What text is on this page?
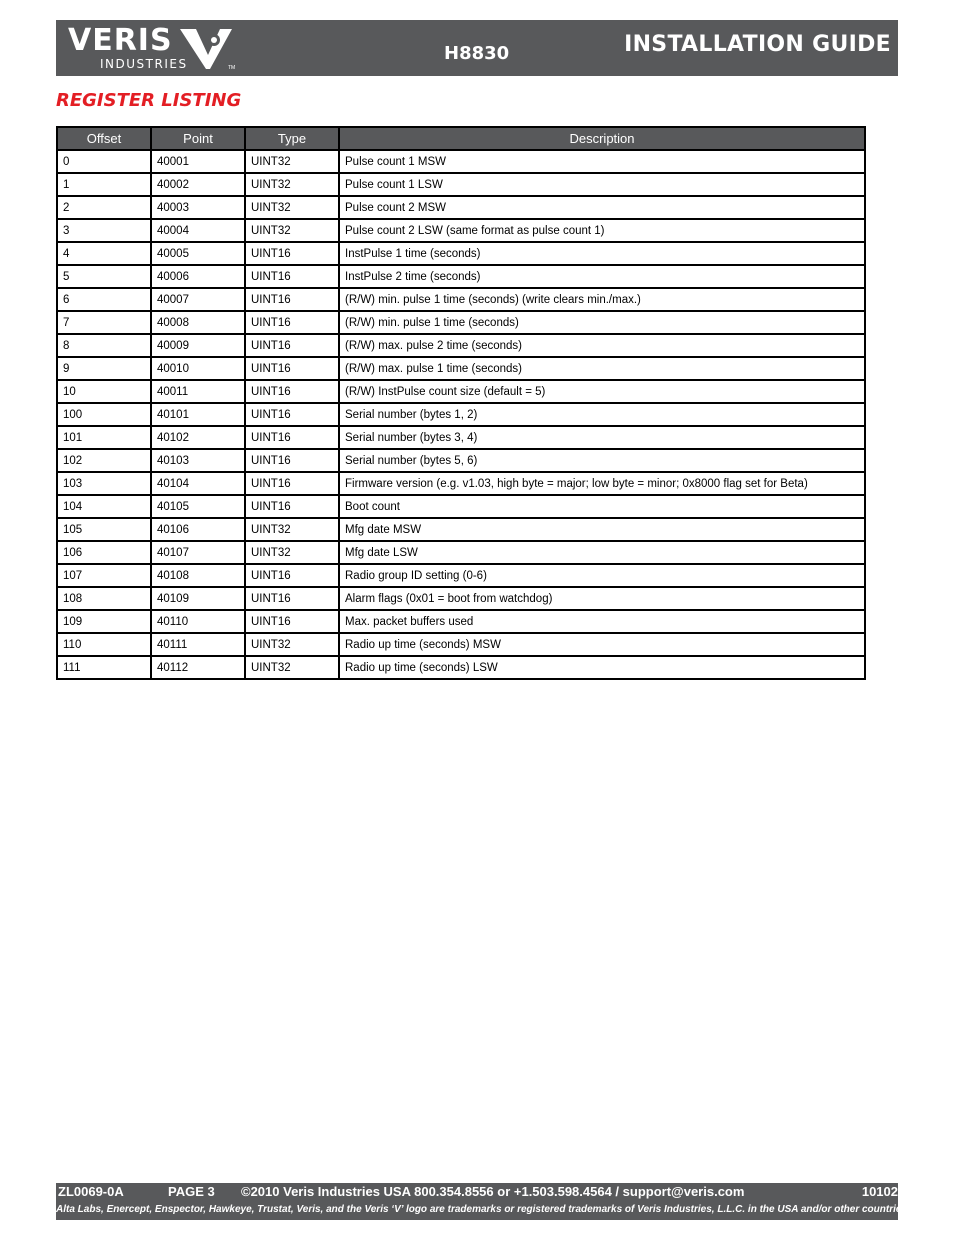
VERIS
INDUSTRIES	TM
H8830	INSTALLATION GUIDE
REGISTER LISTING
Offset	Point	Type	Description
0	40001	UINT32	Pulse count 1 MSW
1	40002	UINT32	Pulse count 1 LSW
2	40003	UINT32	Pulse count 2 MSW
3	40004	UINT32	Pulse count 2 LSW (same format as pulse count 1)
4	40005	UINT16	InstPulse 1 time (seconds)
5	40006	UINT16	InstPulse 2 time (seconds)
6	40007	UINT16	(R/W) min. pulse 1 time (seconds) (write clears min./max.)
7	40008	UINT16	(R/W) min. pulse 1 time (seconds)
8	40009	UINT16	(R/W) max. pulse 2 time (seconds)
9	40010	UINT16	(R/W) max. pulse 1 time (seconds)
10	40011	UINT16	(R/W) InstPulse count size (default = 5)
100	40101	UINT16	Serial number (bytes 1, 2)
101	40102	UINT16	Serial number (bytes 3, 4)
102	40103	UINT16	Serial number (bytes 5, 6)
103	40104	UINT16	Firmware version (e.g. v1.03, high byte = major; low byte = minor; 0x8000 flag set for Beta)
104	40105	UINT16	Boot count
105	40106	UINT32	Mfg date MSW
106	40107	UINT32	Mfg date LSW
107	40108	UINT16	Radio group ID setting (0-6)
108	40109	UINT16	Alarm flags (0x01 = boot from watchdog)
109	40110	UINT16	Max. packet buffers used
110	40111	UINT32	Radio up time (seconds) MSW
111	40112	UINT32	Radio up time (seconds) LSW
ZL0069-0A	PAGE 3 ©2010 Veris Industries USA 800.354.8556 or +1.503.598.4564 / support@veris.com	10102
Alta Labs, Enercept, Enspector, Hawkeye, Trustat, Veris, and the Veris ‘V’ logo are trademarks or registered trademarks of Veris Industries, L.L.C. in the USA and/or other countries.
